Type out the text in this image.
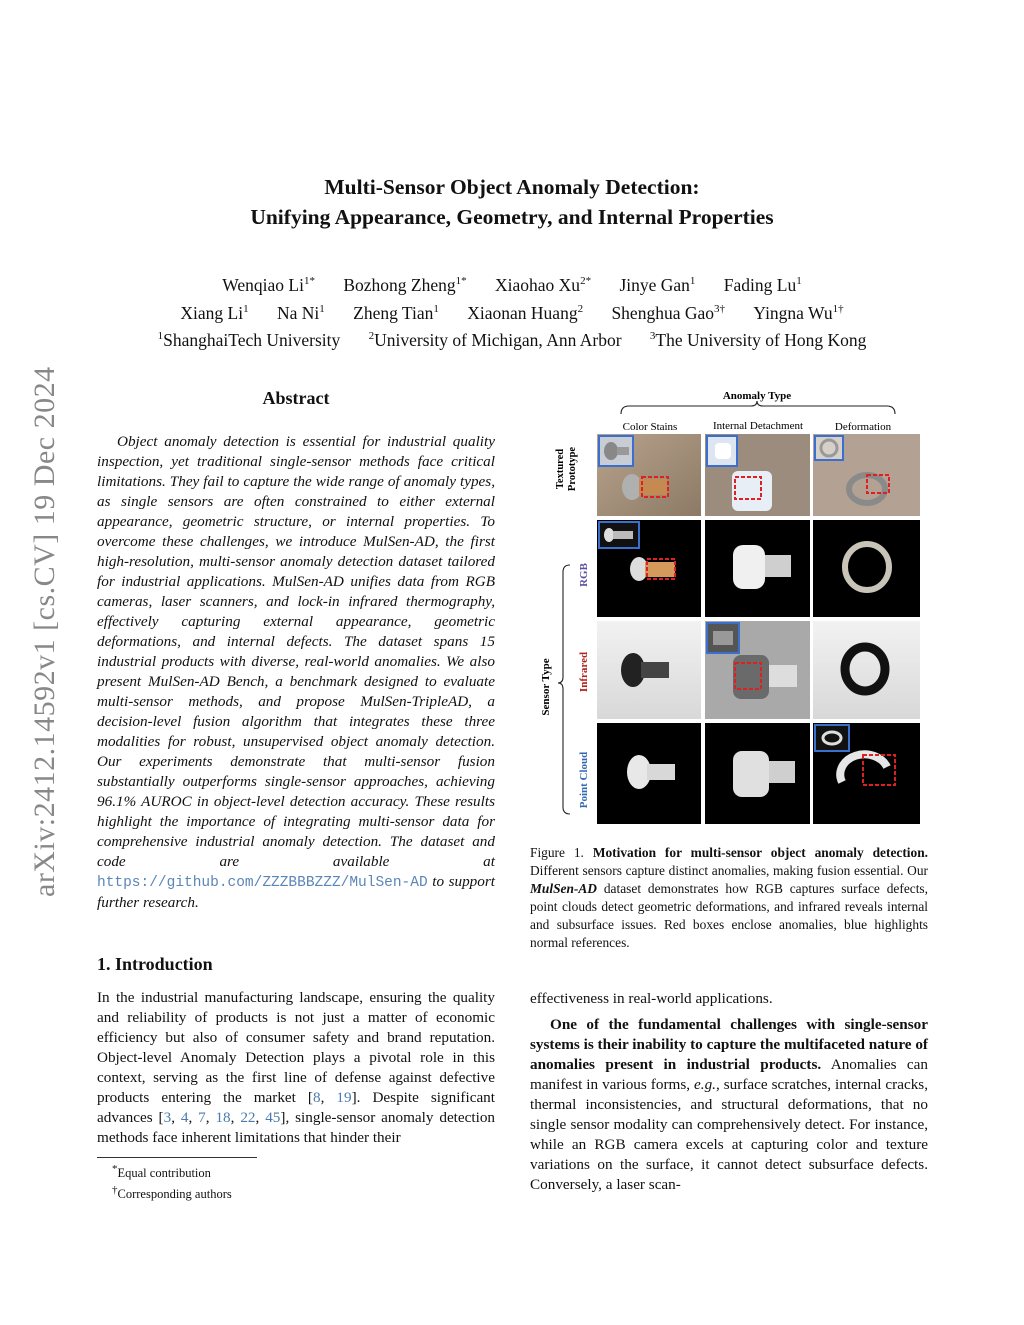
arXiv:2412.14592v1 [cs.CV] 19 Dec 2024
Multi-Sensor Object Anomaly Detection:
Unifying Appearance, Geometry, and Internal Properties
Wenqiao $Li^{1*}$ Bozhong Zheng$^{1*}$ Xiaohao $Xu^{2*}$ Jinye Gan$^1$ Fading Lu$^1$
Xiang Li$^1$ Na Ni$^1$ Zheng Tian$^1$ Xiaonan Huang$^2$ Shenghua Gao$^{3\dagger}$ Yingna $Wu^{1\dagger}$
$^1$ShanghaiTech University	$^2$University of Michigan, Ann Arbor	$^3$The University of Hong Kong
Abstract
Object anomaly detection is essential for industrial quality inspection, yet traditional single-sensor methods face critical limitations. They fail to capture the wide range of anomaly types, as single sensors are often constrained to either external appearance, geometric structure, or internal properties. To overcome these challenges, we introduce MulSen-AD, the first high-resolution, multi-sensor anomaly detection dataset tailored for industrial applications. MulSen-AD unifies data from RGB cameras, laser scanners, and lock-in infrared thermography, effectively capturing external appearance, geometric deformations, and internal defects. The dataset spans 15 industrial products with diverse, real-world anomalies. We also present MulSen-AD Bench, a benchmark designed to evaluate multi-sensor methods, and propose MulSen-TripleAD, a decision-level fusion algorithm that integrates these three modalities for robust, unsupervised object anomaly detection. Our experiments demonstrate that multi-sensor fusion substantially outperforms single-sensor approaches, achieving 96.1% AUROC in object-level detection accuracy. These results highlight the importance of integrating multi-sensor data for comprehensive industrial anomaly detection. The dataset and code are available at https://github.com/ZZZBBBZZZ/MulSen-AD to support further research.
1. Introduction
In the industrial manufacturing landscape, ensuring the quality and reliability of products is not just a matter of economic efficiency but also of consumer safety and brand reputation. Object-level Anomaly Detection plays a pivotal role in this context, serving as the first line of defense against defective products entering the market [8, 19]. Despite significant advances [3, 4, 7, 18, 22, 45], single-sensor anomaly detection methods face inherent limitations that hinder their
*Equal contribution
†Corresponding authors
Anomaly Type
Color Stains	Internal Detachment	Deformation
TexturedPrototype
RGB
Infrared
Point Cloud
Sensor Type
Figure 1. Motivation for multi-sensor object anomaly detection. Different sensors capture distinct anomalies, making fusion essential. Our MulSen-AD dataset demonstrates how RGB captures surface defects, point clouds detect geometric deformations, and infrared reveals internal and subsurface issues. Red boxes enclose anomalies, blue highlights normal references.

effectiveness in real-world applications.

One of the fundamental challenges with single-sensor systems is their inability to capture the multifaceted nature of anomalies present in industrial products. Anomalies can manifest in various forms, e.g., surface scratches, internal cracks, thermal inconsistencies, and structural deformations, that no single sensor modality can comprehensively detect. For instance, while an RGB camera excels at capturing color and texture variations on the surface, it cannot detect subsurface defects. Conversely, a laser scan-
